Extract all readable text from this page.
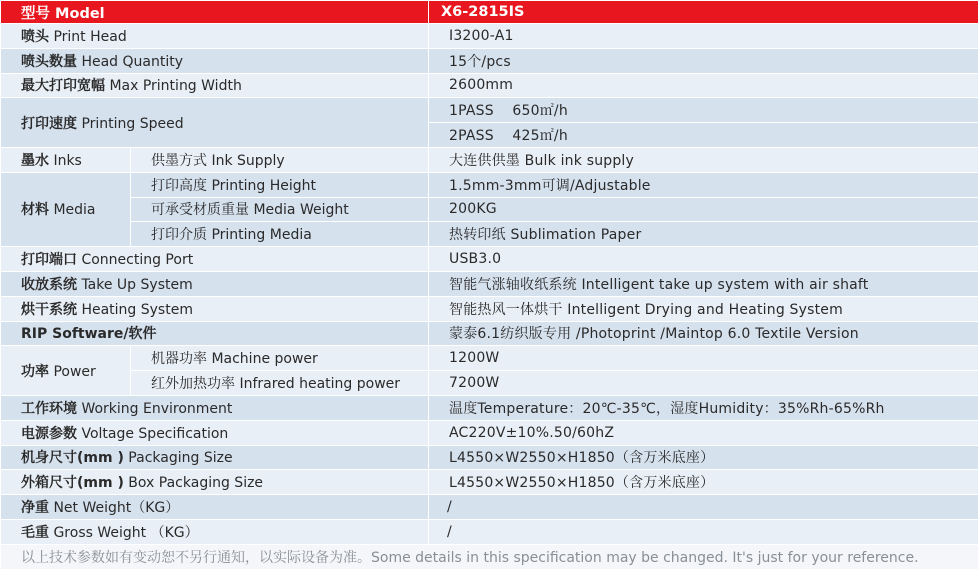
型号 Model		X6-2815IS
喷头 Print Head		I3200-A1
喷头数量 Head Quantity		15个/pcs
最大打印宽幅 Max Printing Width		2600mm
打印速度 Printing Speed		1PASS    650㎡/h
		2PASS    425㎡/h
墨水 Inks	供墨方式 Ink Supply	大连供供墨 Bulk ink supply
材料 Media	打印高度 Printing Height	1.5mm-3mm可调/Adjustable
	可承受材质重量 Media Weight	200KG
	打印介质 Printing Media	热转印纸 Sublimation Paper
打印端口 Connecting Port		USB3.0
收放系统 Take Up System		智能气涨轴收纸系统 Intelligent take up system with air shaft
烘干系统 Heating System		智能热风一体烘干 Intelligent Drying and Heating System
RIP Software/软件		蒙泰6.1纺织版专用 /Photoprint /Maintop 6.0 Textile Version
功率 Power	机器功率 Machine power	1200W
	红外加热功率 Infrared heating power	7200W
工作环境 Working Environment		温度Temperature：20℃-35℃，湿度Humidity：35%Rh-65%Rh
电源参数 Voltage Specification		AC220V±10%.50/60hZ
机身尺寸(mm ) Packaging Size		L4550×W2550×H1850（含万米底座）
外箱尺寸(mm ) Box Packaging Size		L4550×W2550×H1850（含万米底座）
净重 Net Weight（KG）		/
毛重 Gross Weight （KG）		/
以上技术参数如有变动恕不另行通知，以实际设备为准。Some details in this specification may be changed. It's just for your reference.		
